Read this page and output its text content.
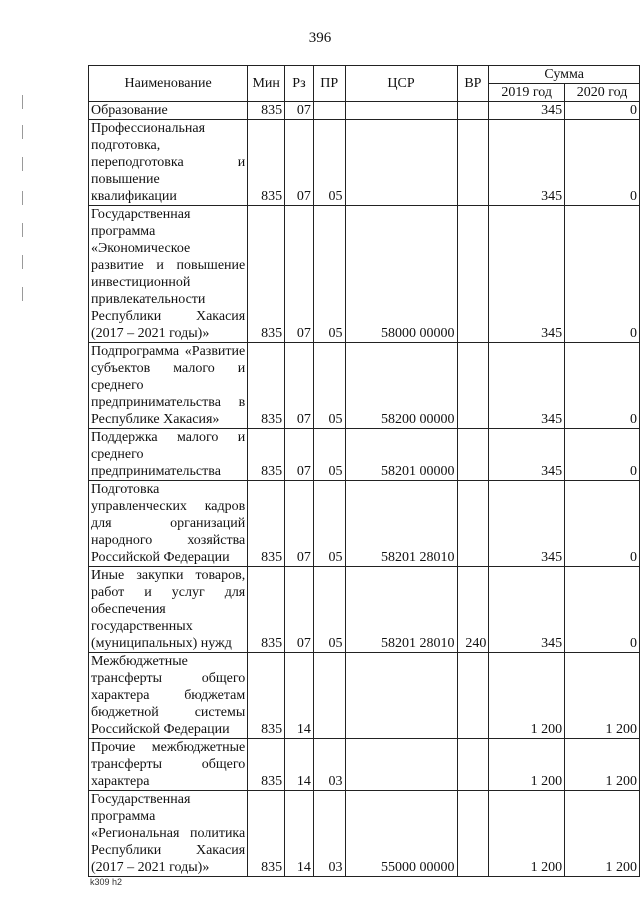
396
Наименование	Мин	Рз	ПР	ЦСР	ВР	Сумма	
						2019 год	2020 год
Образование	835	07				345	0
Профессиональная подготовка, переподготовка и повышение квалификации	835	07	05			345	0
Государственная программа «Экономическое развитие и повышение инвестиционной привлекательности Республики Хакасия (2017 – 2021 годы)»	835	07	05	58000 00000		345	0
Подпрограмма «Развитие субъектов малого и среднего предпринимательства в Республике Хакасия»	835	07	05	58200 00000		345	0
Поддержка малого и среднего предпринимательства	835	07	05	58201 00000		345	0
Подготовка управленческих кадров для организаций народного хозяйства Российской Федерации	835	07	05	58201 28010		345	0
Иные закупки товаров, работ и услуг для обеспечения государственных (муниципальных) нужд	835	07	05	58201 28010	240	345	0
Межбюджетные трансферты общего характера бюджетам бюджетной системы Российской Федерации	835	14				1 200	1 200
Прочие межбюджетные трансферты общего характера	835	14	03			1 200	1 200
Государственная программа «Региональная политика Республики Хакасия (2017 – 2021 годы)»	835	14	03	55000 00000		1 200	1 200
k309 h2
